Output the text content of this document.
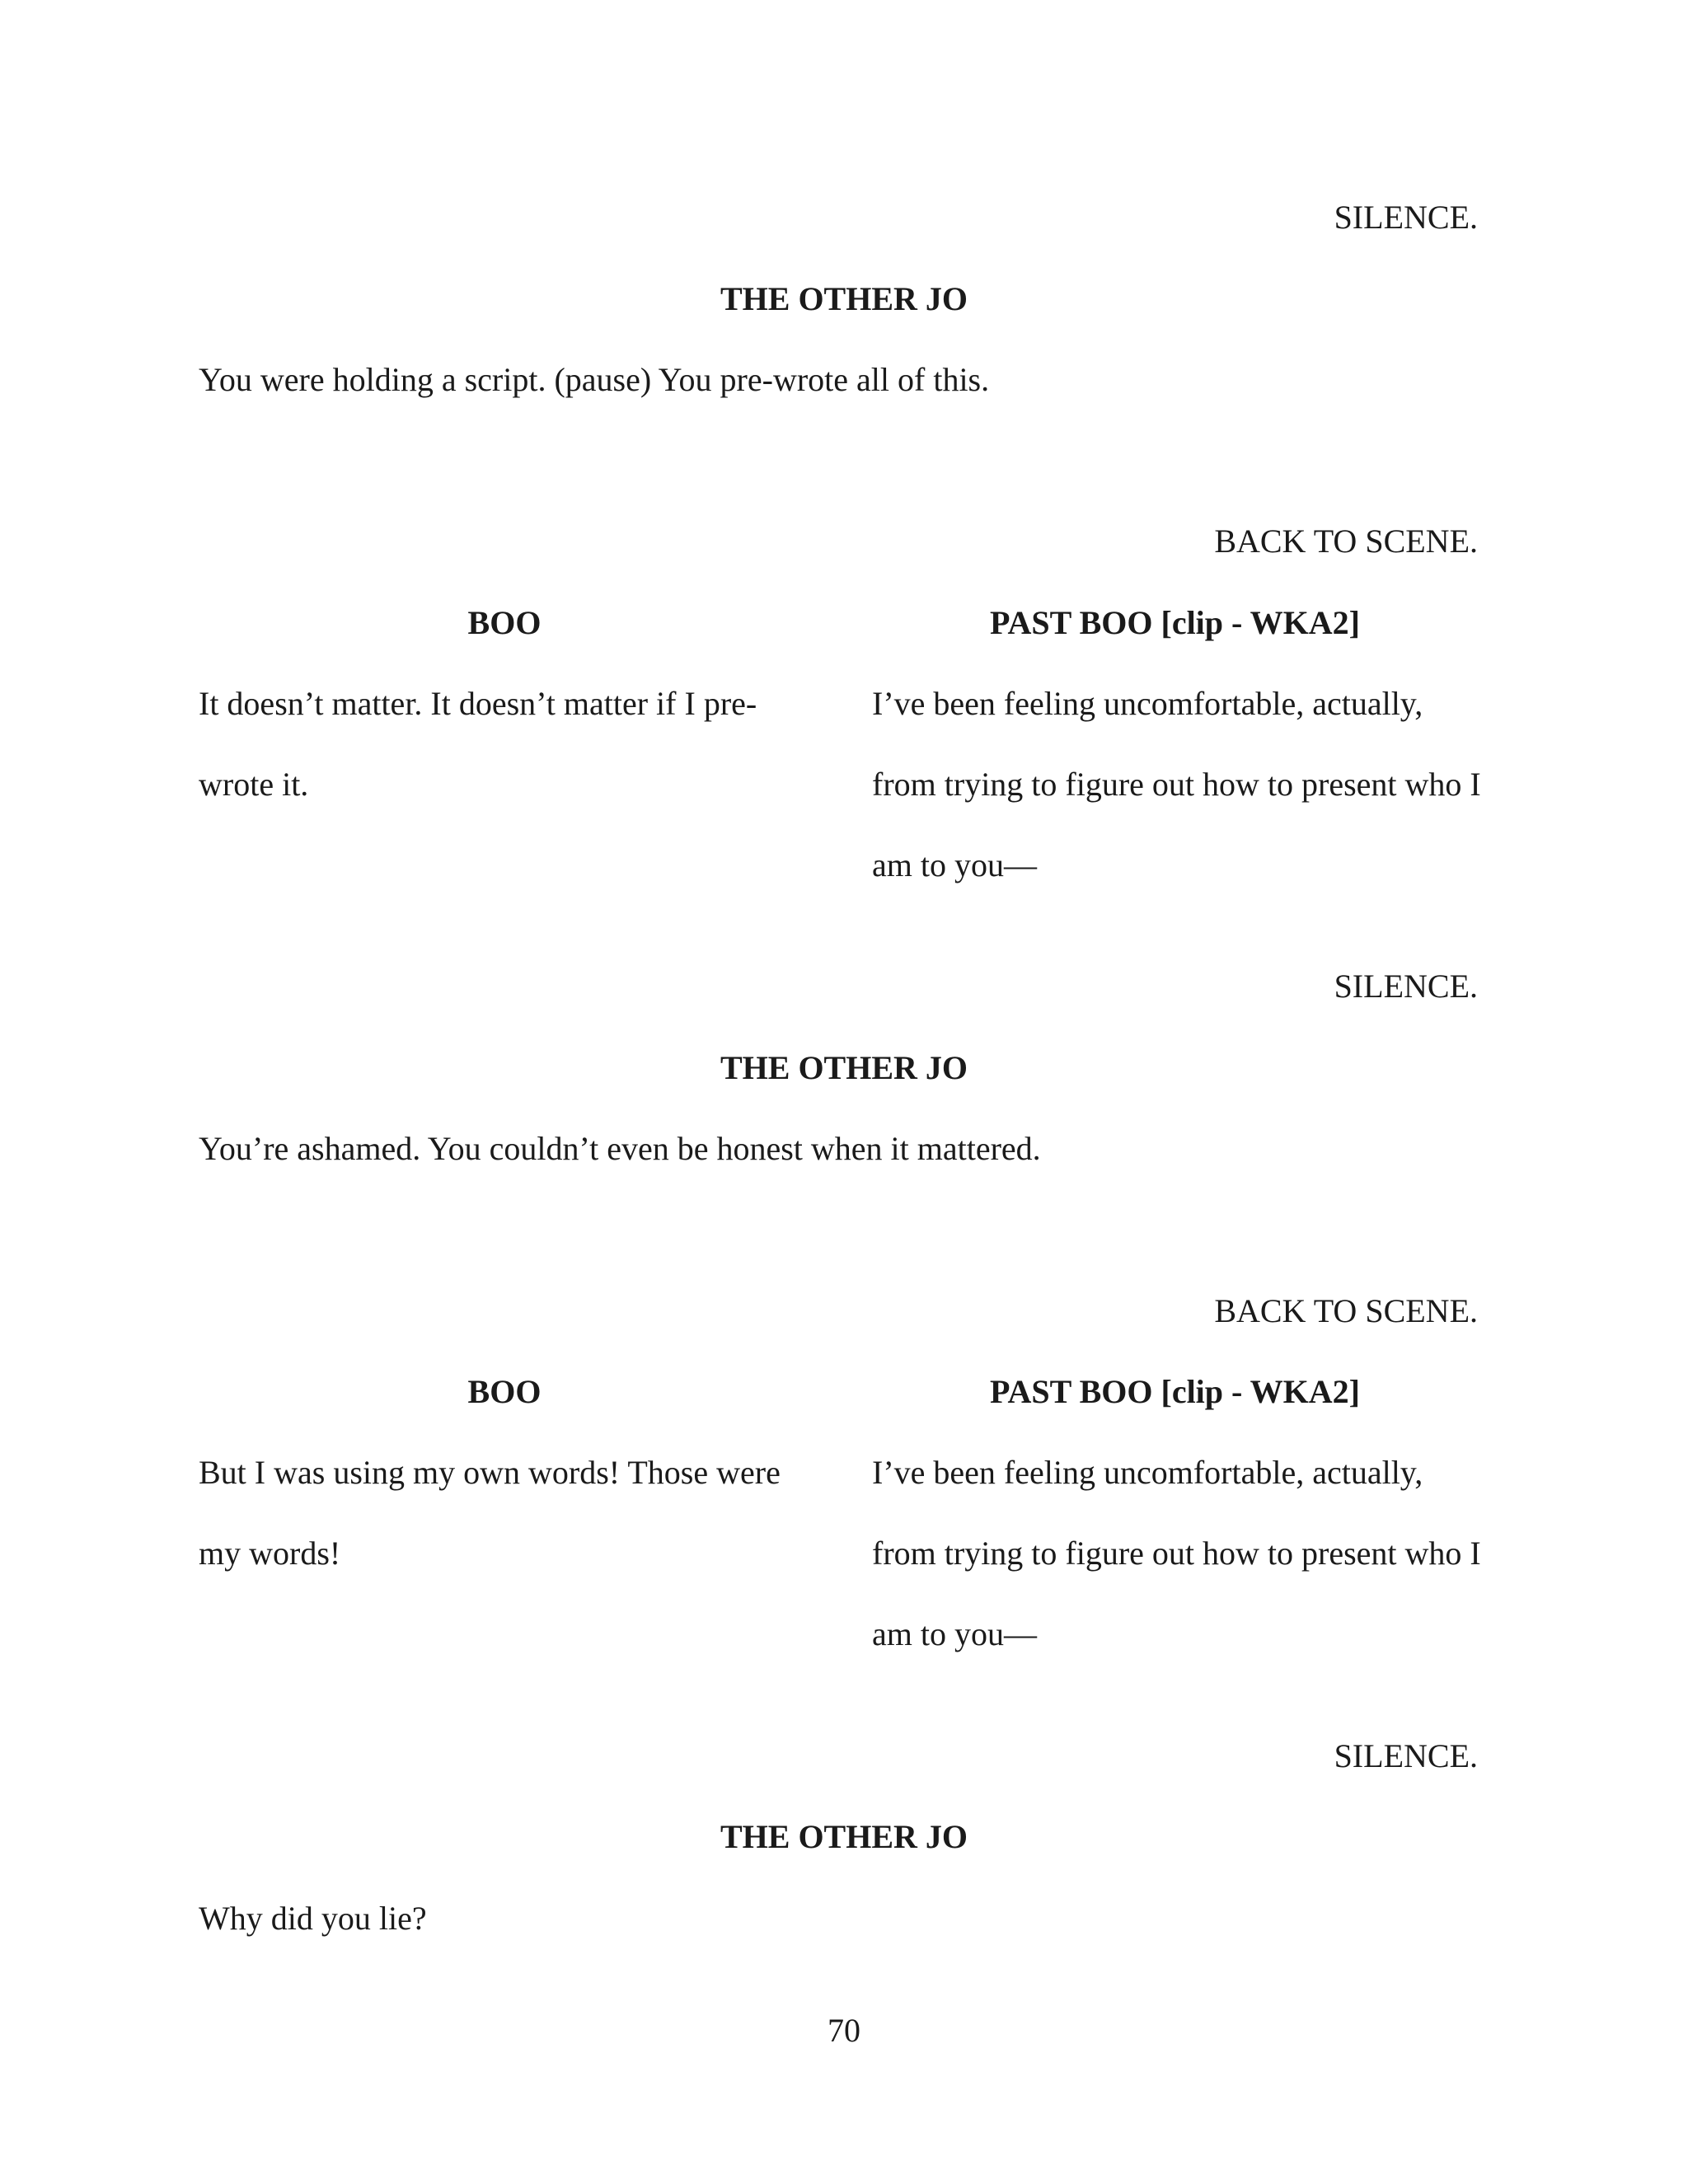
SILENCE.
THE OTHER JO
You were holding a script. (pause) You pre-wrote all of this.
BACK TO SCENE.
BOO	PAST BOO [clip - WKA2]
It doesn’t matter. It doesn’t matter if I pre-
wrote it.
I’ve been feeling uncomfortable, actually,
from trying to figure out how to present who I
am to you—
SILENCE.
THE OTHER JO
You’re ashamed. You couldn’t even be honest when it mattered.
BACK TO SCENE.
BOO	PAST BOO [clip - WKA2]
But I was using my own words! Those were
my words!
I’ve been feeling uncomfortable, actually,
from trying to figure out how to present who I
am to you—
SILENCE.
THE OTHER JO
Why did you lie?
70
